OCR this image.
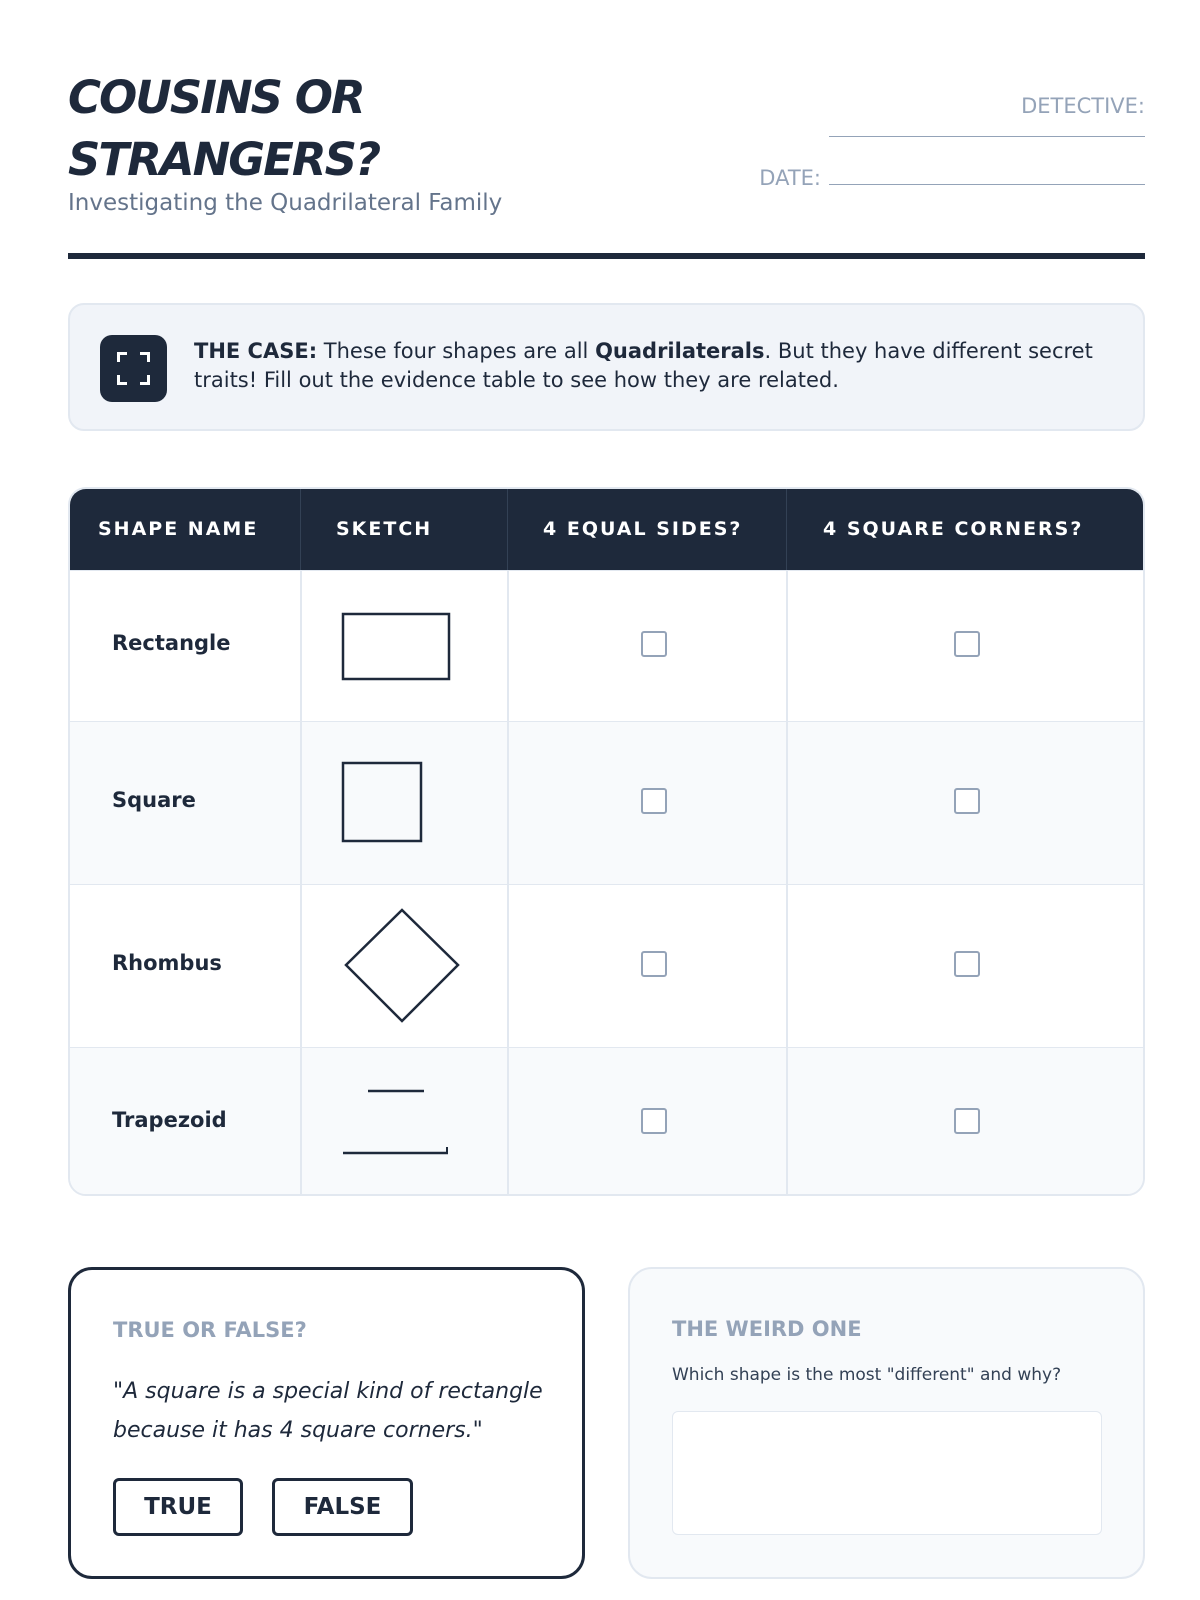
COUSINS OR
STRANGERS?
Investigating the Quadrilateral Family
DETECTIVE:
DATE:
THE CASE: These four shapes are all Quadrilaterals. But they have different secret traits! Fill out the evidence table to see how they are related.
SHAPE NAME	SKETCH	4 EQUAL SIDES?	4 SQUARE CORNERS?
Rectangle
Square
Rhombus
Trapezoid
TRUE OR FALSE?
"A square is a special kind of rectangle because it has 4 square corners."
TRUE	FALSE
THE WEIRD ONE
Which shape is the most "different" and why?
